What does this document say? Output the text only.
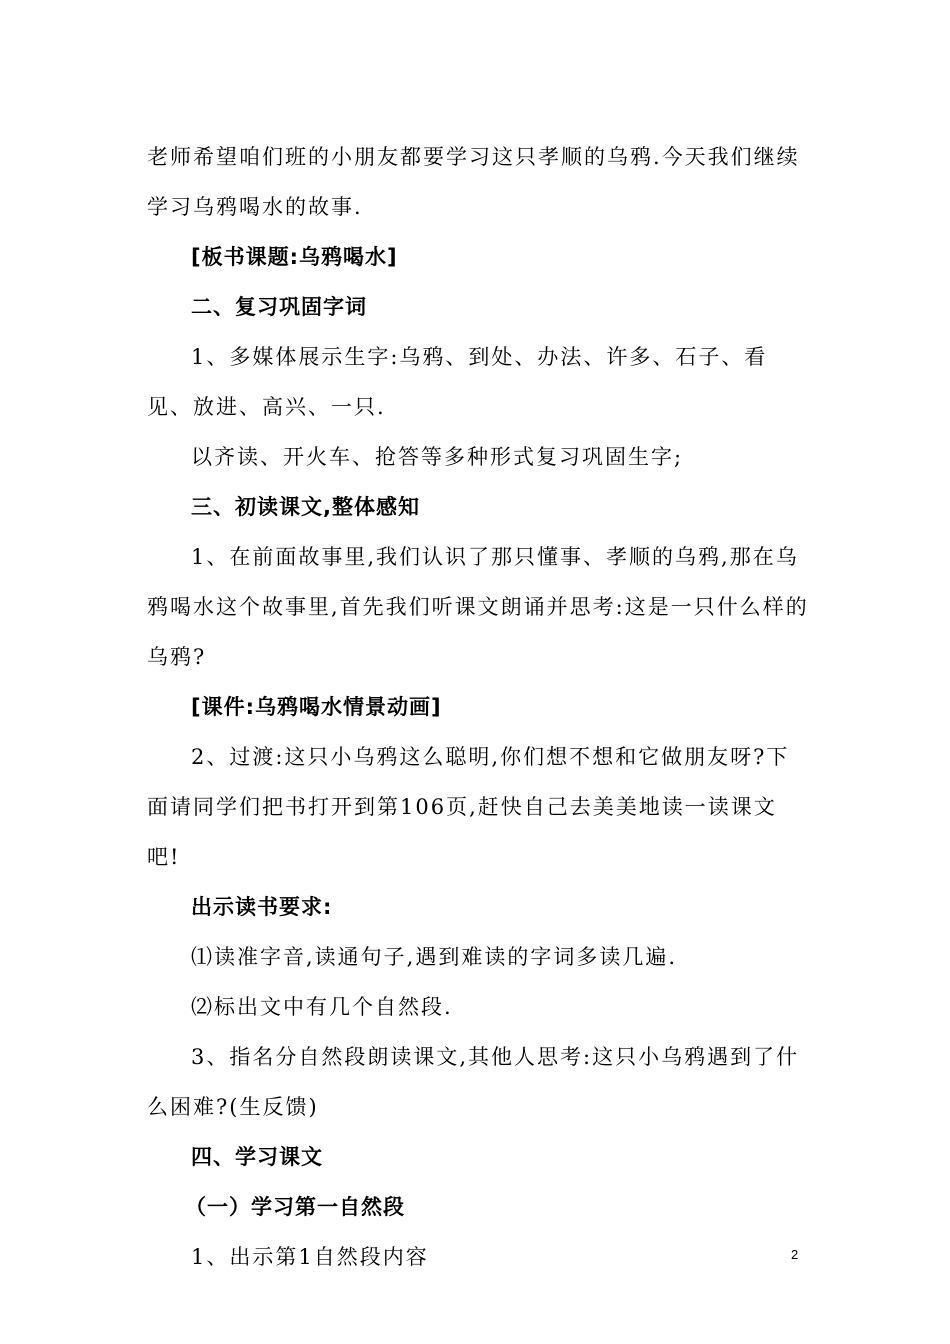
老师希望咱们班的小朋友都要学习这只孝顺的乌鸦.今天我们继续学习乌鸦喝水的故事.

[板书课题:乌鸦喝水]

二、复习巩固字词

1、多媒体展示生字:乌鸦、到处、办法、许多、石子、看见、放进、高兴、一只.

以齐读、开火车、抢答等多种形式复习巩固生字;

三、初读课文,整体感知

1、在前面故事里,我们认识了那只懂事、孝顺的乌鸦,那在乌鸦喝水这个故事里,首先我们听课文朗诵并思考:这是一只什么样的乌鸦?

[课件:乌鸦喝水情景动画]

2、过渡:这只小乌鸦这么聪明,你们想不想和它做朋友呀?下面请同学们把书打开到第106页,赶快自己去美美地读一读课文吧!

出示读书要求:

⑴读准字音,读通句子,遇到难读的字词多读几遍.

⑵标出文中有几个自然段.

3、指名分自然段朗读课文,其他人思考:这只小乌鸦遇到了什么困难?(生反馈)

四、学习课文

（一）学习第一自然段

1、出示第1自然段内容	2
